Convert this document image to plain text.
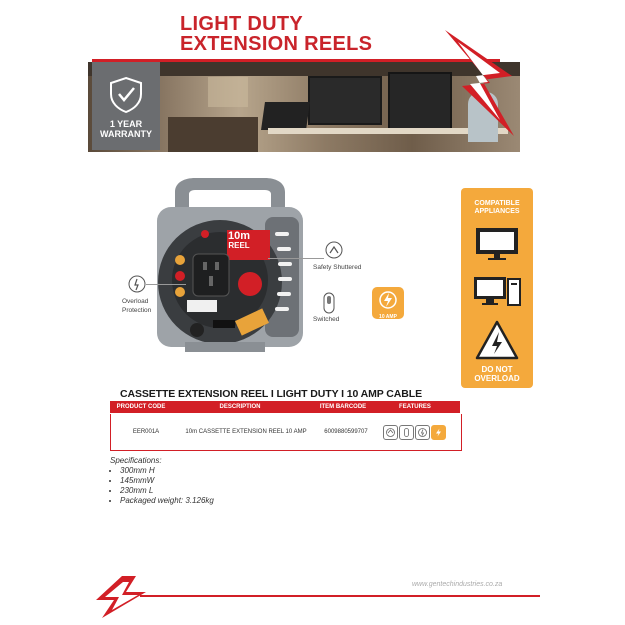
LIGHT DUTY
EXTENSION REELS
1 YEAR
WARRANTY
10m
REEL
Safety Shuttered
Switched
Overload
Protection
10 AMP
COMPATIBLE
APPLIANCES

DO NOT
OVERLOAD
CASSETTE EXTENSION REEL I LIGHT DUTY I 10 AMP CABLE
PRODUCT CODE	DESCRIPTION	ITEM BARCODE	FEATURES
EER001A	10m CASSETTE EXTENSION REEL 10 AMP	6009880599707
Specifications:
• 300mm H
• 145mmW
• 230mm L
• Packaged weight: 3.126kg
www.gentechindustries.co.za
